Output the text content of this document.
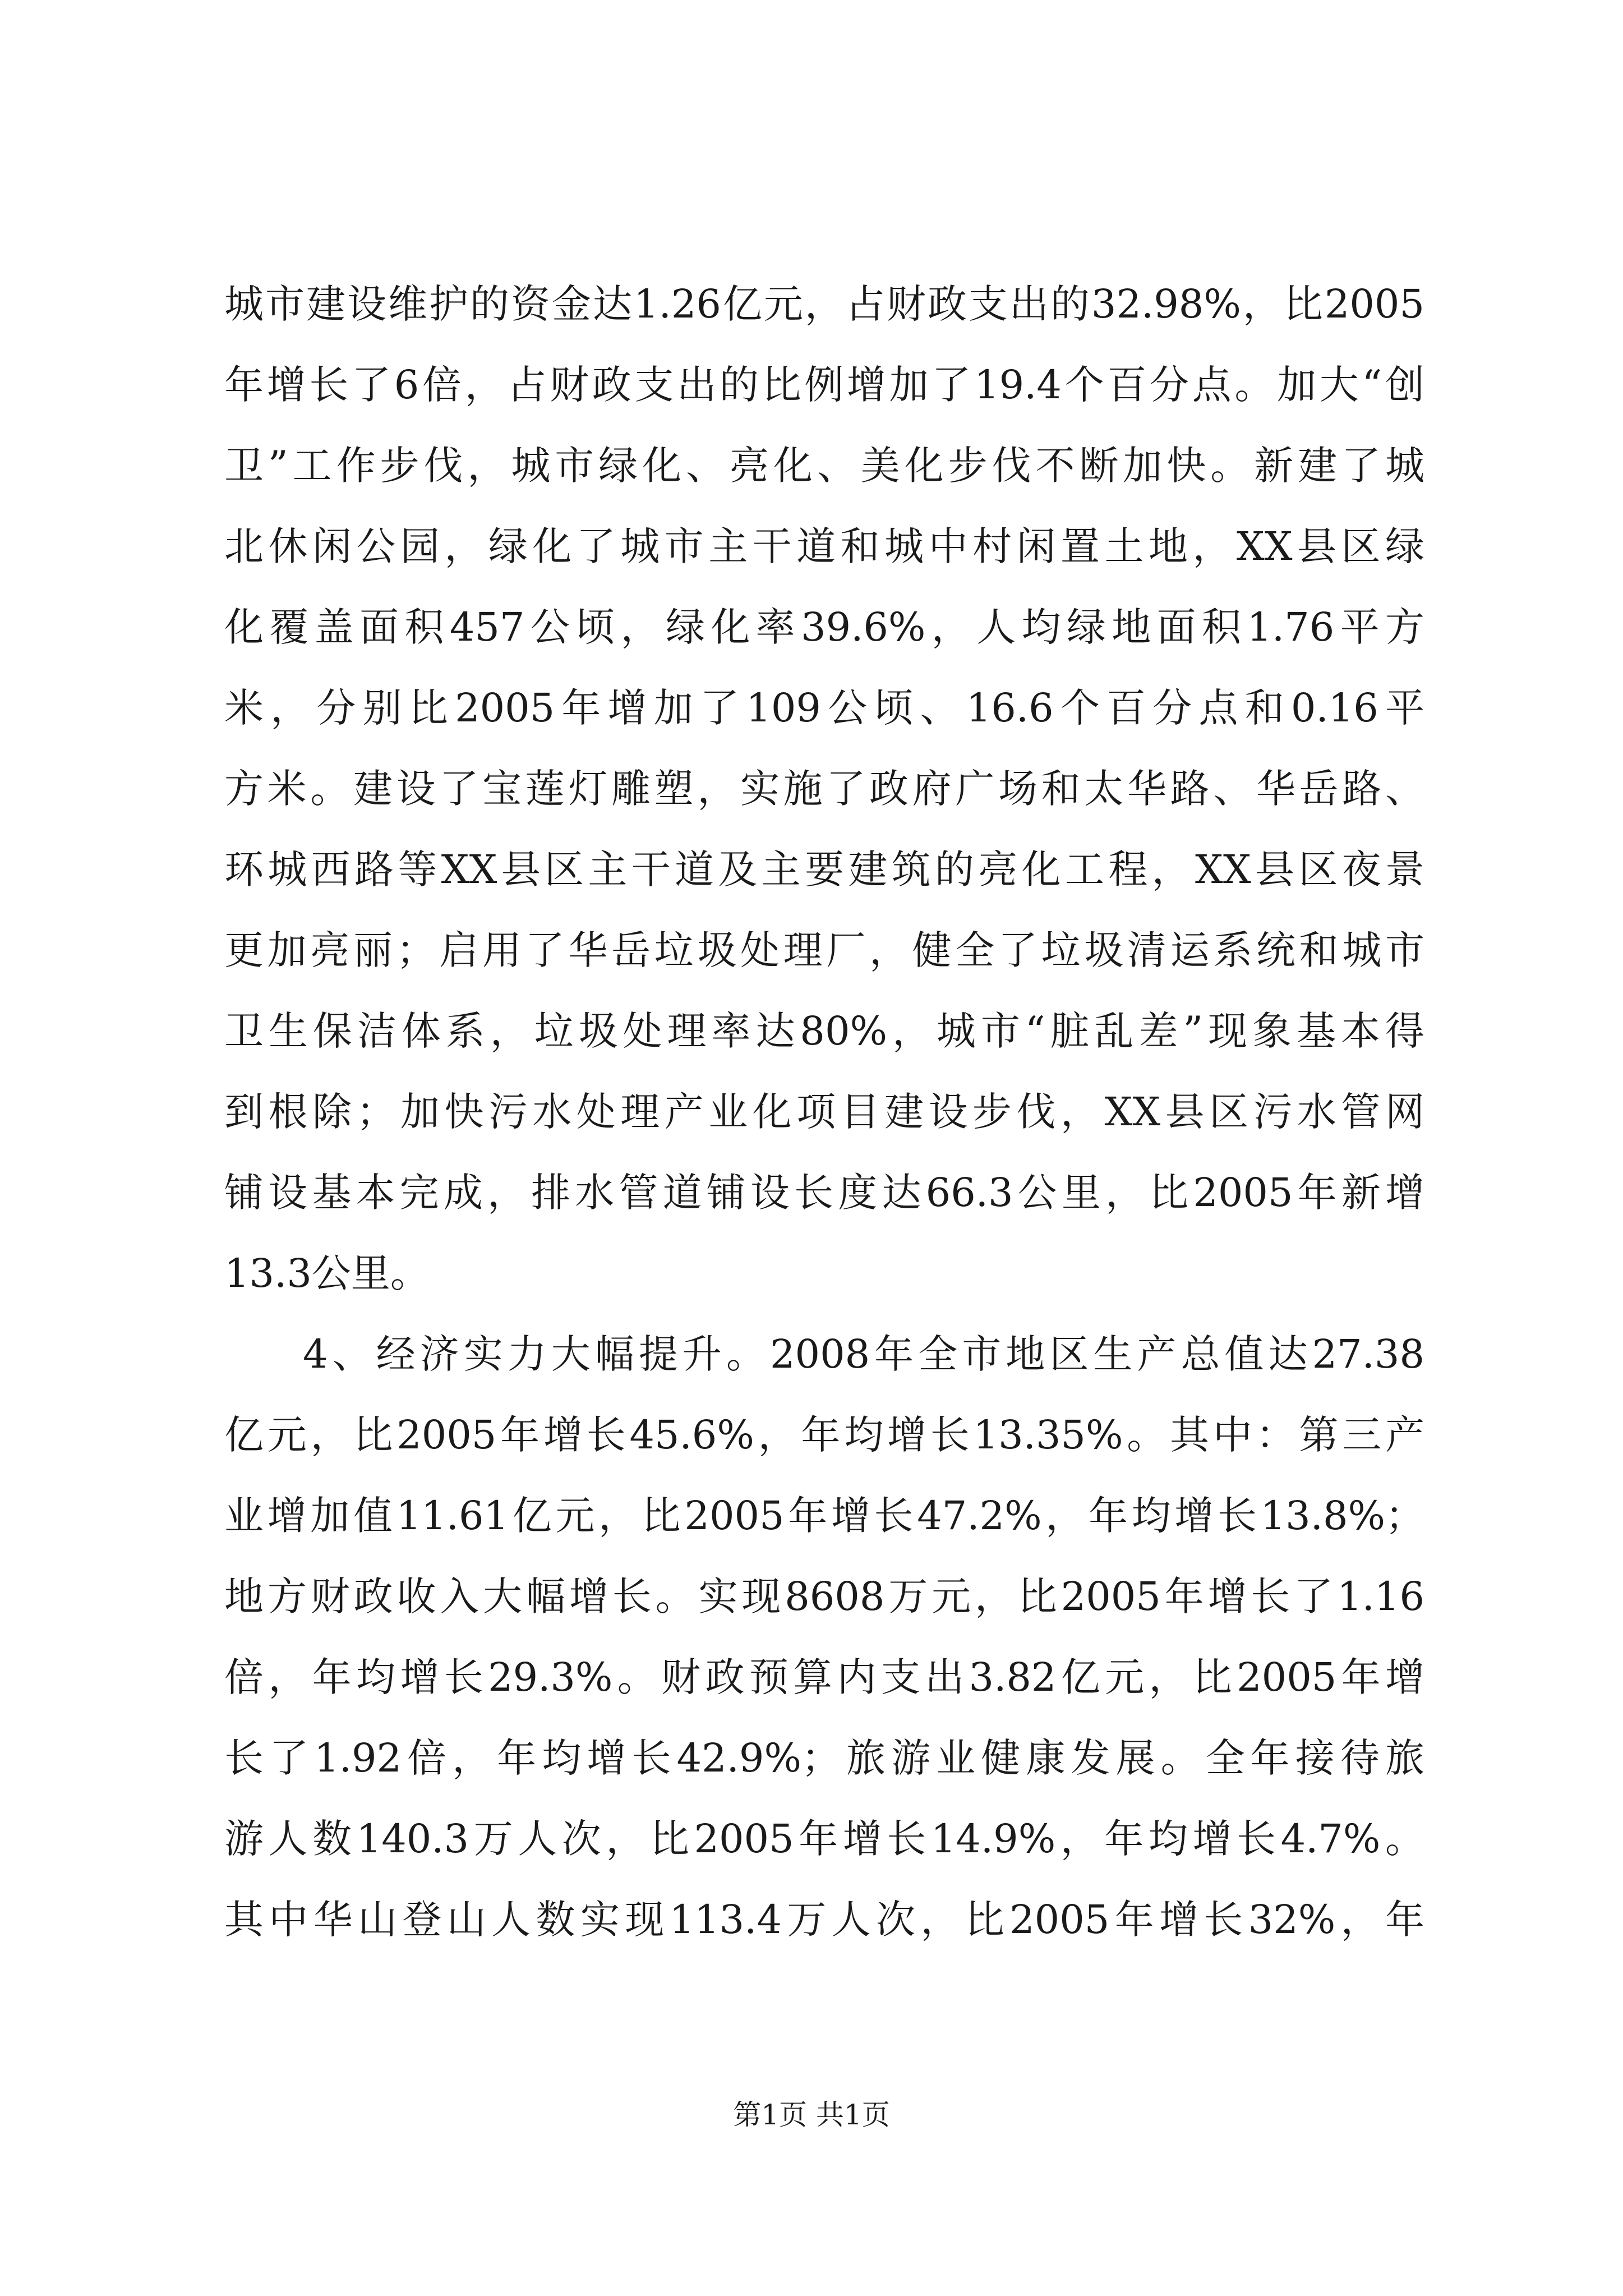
城市建设维护的资金达1.26亿元，占财政支出的32.98%，比2005
年增长了6倍，占财政支出的比例增加了19.4个百分点。加大“创
卫”工作步伐，城市绿化、亮化、美化步伐不断加快。新建了城
北休闲公园，绿化了城市主干道和城中村闲置土地，XX县区绿
化覆盖面积457公顷，绿化率39.6%，人均绿地面积1.76平方
米，分别比2005年增加了109公顷、16.6个百分点和0.16平
方米。建设了宝莲灯雕塑，实施了政府广场和太华路、华岳路、
环城西路等XX县区主干道及主要建筑的亮化工程，XX县区夜景
更加亮丽；启用了华岳垃圾处理厂，健全了垃圾清运系统和城市
卫生保洁体系，垃圾处理率达80%，城市“脏乱差”现象基本得
到根除；加快污水处理产业化项目建设步伐，XX县区污水管网
铺设基本完成，排水管道铺设长度达66.3公里，比2005年新增
13.3公里。
4、经济实力大幅提升。2008年全市地区生产总值达27.38
亿元，比2005年增长45.6%，年均增长13.35%。其中：第三产
业增加值11.61亿元，比2005年增长47.2%，年均增长13.8%；
地方财政收入大幅增长。实现8608万元，比2005年增长了1.16
倍，年均增长29.3%。财政预算内支出3.82亿元，比2005年增
长了1.92倍，年均增长42.9%；旅游业健康发展。全年接待旅
游人数140.3万人次，比2005年增长14.9%，年均增长4.7%。
其中华山登山人数实现113.4万人次，比2005年增长32%，年
第1页 共1页
